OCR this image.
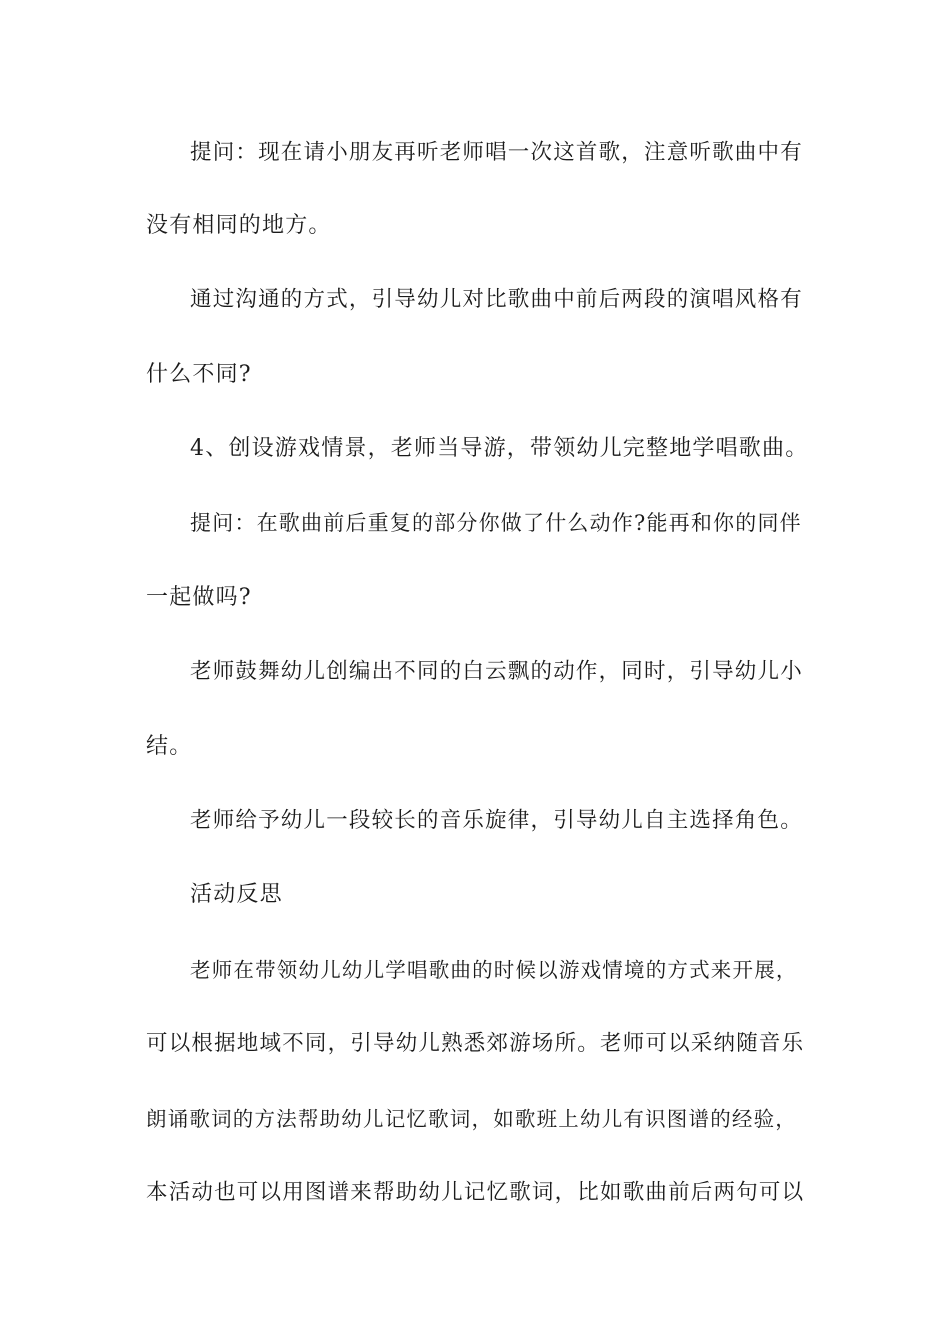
提问：现在请小朋友再听老师唱一次这首歌，注意听歌曲中有
没有相同的地方。
通过沟通的方式，引导幼儿对比歌曲中前后两段的演唱风格有
什么不同?
4、创设游戏情景，老师当导游，带领幼儿完整地学唱歌曲。
提问：在歌曲前后重复的部分你做了什么动作?能再和你的同伴
一起做吗?
老师鼓舞幼儿创编出不同的白云飘的动作，同时，引导幼儿小
结。
老师给予幼儿一段较长的音乐旋律，引导幼儿自主选择角色。
活动反思
老师在带领幼儿幼儿学唱歌曲的时候以游戏情境的方式来开展，
可以根据地域不同，引导幼儿熟悉郊游场所。老师可以采纳随音乐
朗诵歌词的方法帮助幼儿记忆歌词，如歌班上幼儿有识图谱的经验，
本活动也可以用图谱来帮助幼儿记忆歌词，比如歌曲前后两句可以
